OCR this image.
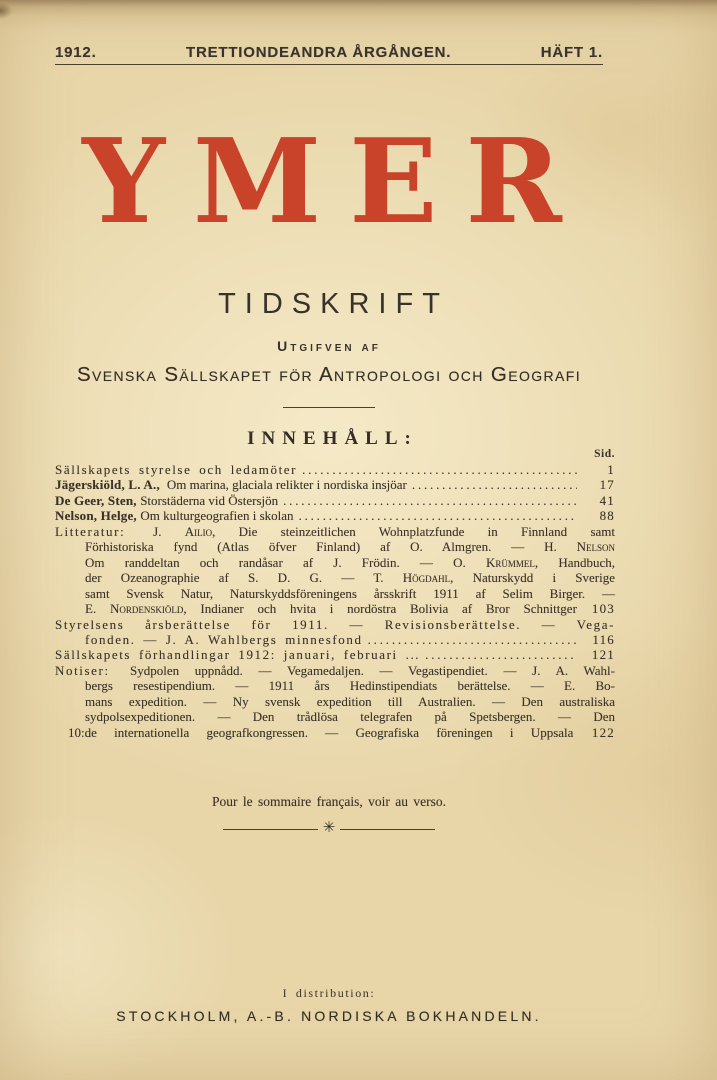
1912.	TRETTIONDEANDRA ÅRGÅNGEN.	HÄFT 1.
YMER
TIDSKRIFT
Utgifven af
Svenska Sällskapet för Antropologi och Geografi
INNEHÅLL:
Sid.
Sällskapets styrelse och ledamöter .....	1
Jägerskiöld, L. A., Om marina, glaciala relikter i nordiska insjöar .....	17
De Geer, Sten, Storstäderna vid Östersjön .....	41
Nelson, Helge, Om kulturgeografien i skolan .....	88
Litteratur: J. Ailio, Die steinzeitlichen Wohnplatzfunde in Finnland samt
Förhistoriska fynd (Atlas öfver Finland) af O. Almgren. — H. Nelson
Om randdeltan och randåsar af J. Frödin. — O. Krümmel, Handbuch,
der Ozeanographie af S. D. G. — T. Högdahl, Naturskydd i Sverige
samt Svensk Natur, Naturskyddsföreningens årsskrift 1911 af Selim Birger. —
E. Nordenskiöld, Indianer och hvita i nordöstra Bolivia af Bror Schnittger 103
Styrelsens årsberättelse för 1911. — Revisionsberättelse. — Vega-
fonden. — J. A. Wahlbergs minnesfond .....	116
Sällskapets förhandlingar 1912: januari, februari ... .....	121
Notiser: Sydpolen uppnådd. — Vegamedaljen. — Vegastipendiet. — J. A. Wahl-
bergs resestipendium. — 1911 års Hedinstipendiats berättelse. — E. Bo-
mans expedition. — Ny svensk expedition till Australien. — Den australiska
sydpolsexpeditionen. — Den trådlösa telegrafen på Spetsbergen. — Den
10:de internationella geografkongressen. — Geografiska föreningen i Uppsala 122
Pour le sommaire français, voir au verso.
✳
I distribution:
STOCKHOLM, A.-B. NORDISKA BOKHANDELN.
